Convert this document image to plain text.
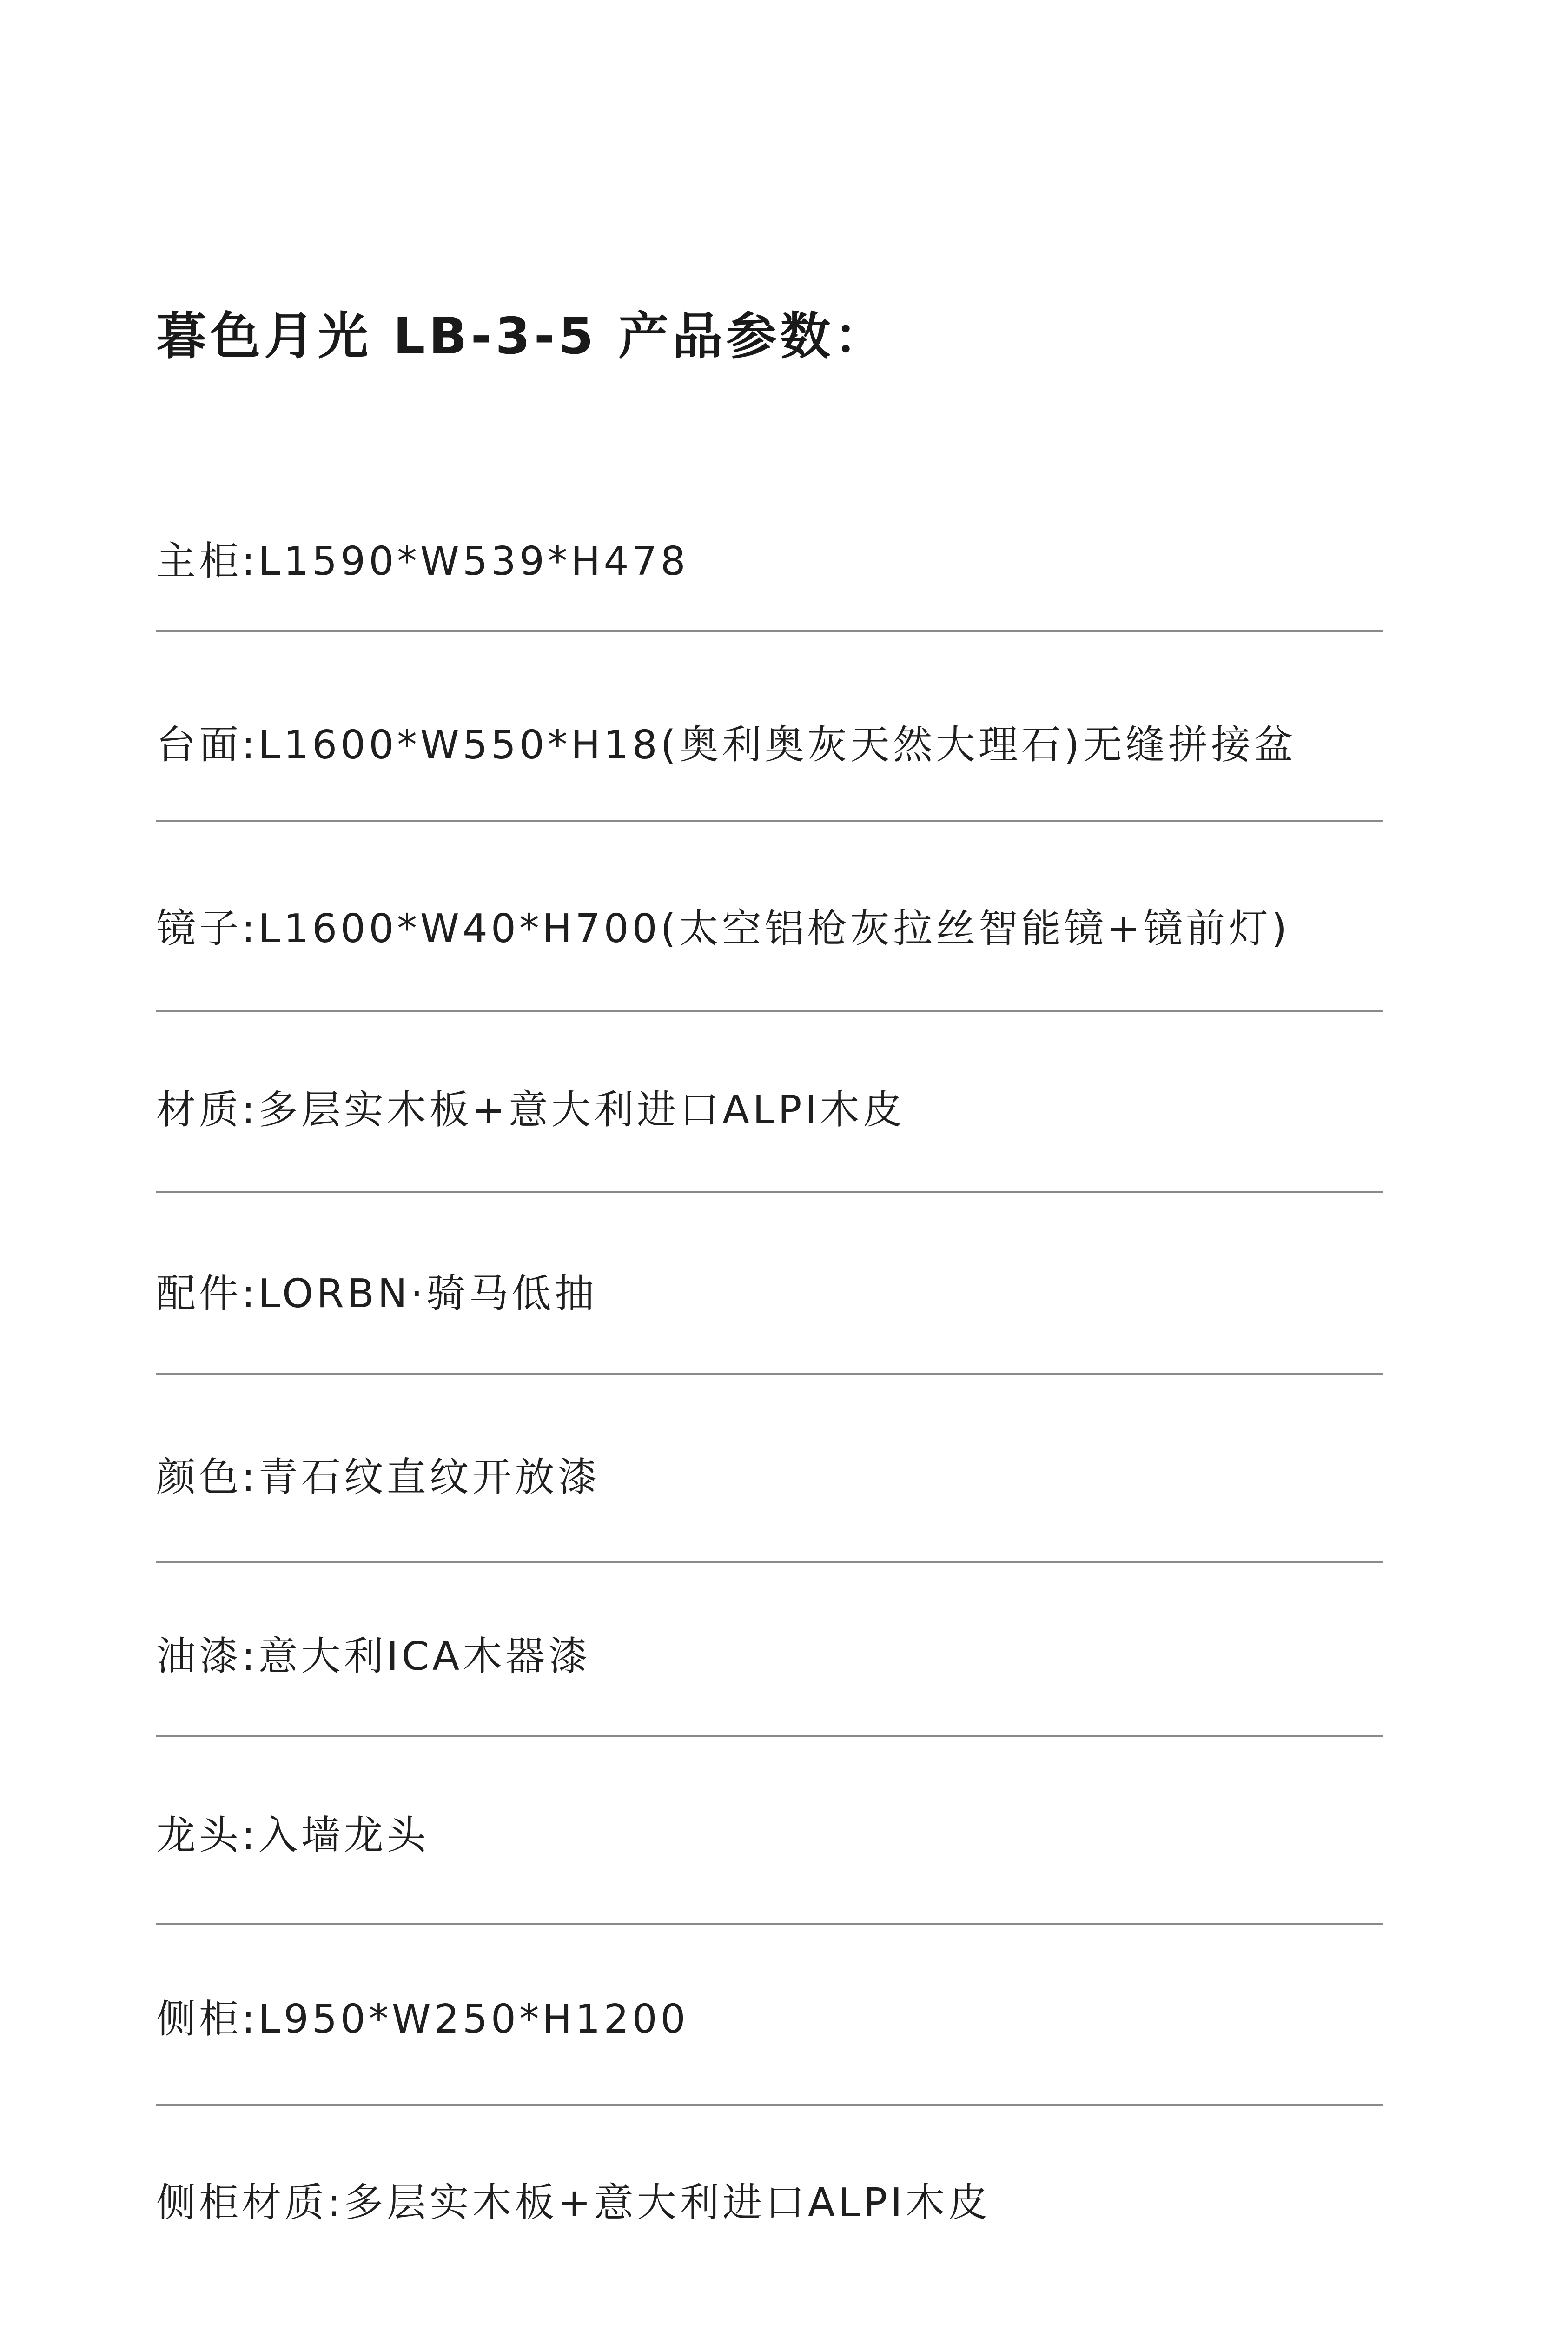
暮色月光 LB-3-5 产品参数：
主柜:L1590*W539*H478
台面:L1600*W550*H18(奥利奥灰天然大理石)无缝拼接盆
镜子:L1600*W40*H700(太空铝枪灰拉丝智能镜+镜前灯)
材质:多层实木板+意大利进口ALPI木皮
配件:LORBN·骑马低抽
颜色:青石纹直纹开放漆
油漆:意大利ICA木器漆
龙头:入墙龙头
侧柜:L950*W250*H1200
侧柜材质:多层实木板+意大利进口ALPI木皮
